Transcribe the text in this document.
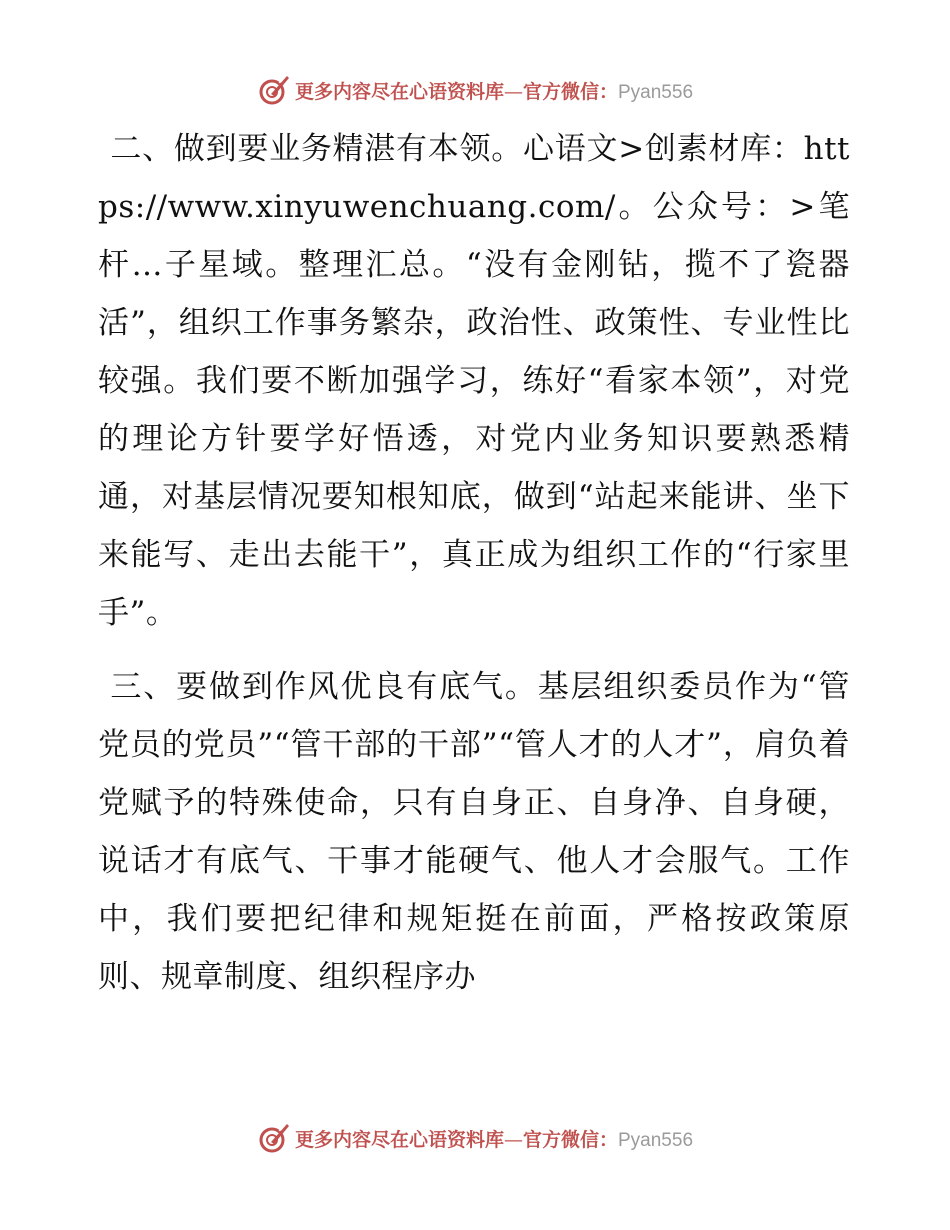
更多内容尽在心语资料库—官方微信：Pyan556

二、做到要业务精湛有本领。心语文>创素材库：https://www.xinyuwenchuang.com/。公众号：>笔杆…子星域。整理汇总。“没有金刚钻，揽不了瓷器活”，组织工作事务繁杂，政治性、政策性、专业性比较强。我们要不断加强学习，练好“看家本领”，对党的理论方针要学好悟透，对党内业务知识要熟悉精通，对基层情况要知根知底，做到“站起来能讲、坐下来能写、走出去能干”，真正成为组织工作的“行家里手”。

三、要做到作风优良有底气。基层组织委员作为“管党员的党员”“管干部的干部”“管人才的人才”，肩负着党赋予的特殊使命，只有自身正、自身净、自身硬，说话才有底气、干事才能硬气、他人才会服气。工作中，我们要把纪律和规矩挺在前面，严格按政策原则、规章制度、组织程序办

更多内容尽在心语资料库—官方微信：Pyan556
